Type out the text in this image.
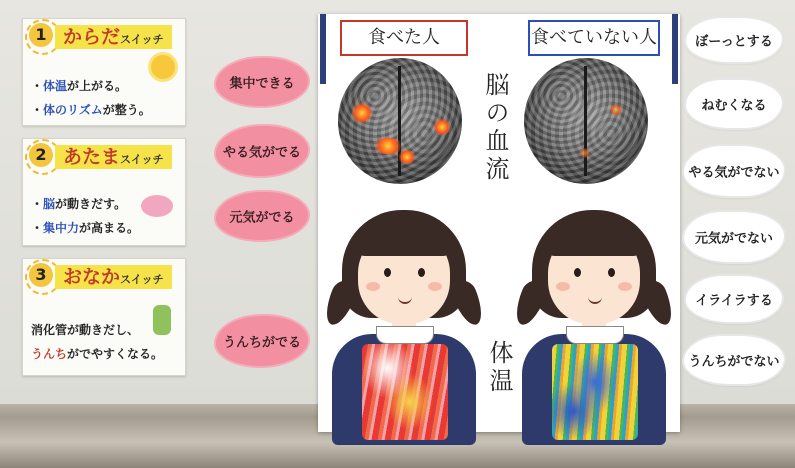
1 からだスイッチ
・体温が上がる。
・体のリズムが整う。
2 あたまスイッチ
・脳が動きだす。
・集中力が高まる。
3 おなかスイッチ
消化管が動きだし、
うんちがでやすくなる。
集中できる
やる気がでる
元気がでる
うんちがでる
食べた人	食べていない人
脳の血流
体温
ぼーっとする
ねむくなる
やる気がでない
元気がでない
イライラする
うんちがでない
